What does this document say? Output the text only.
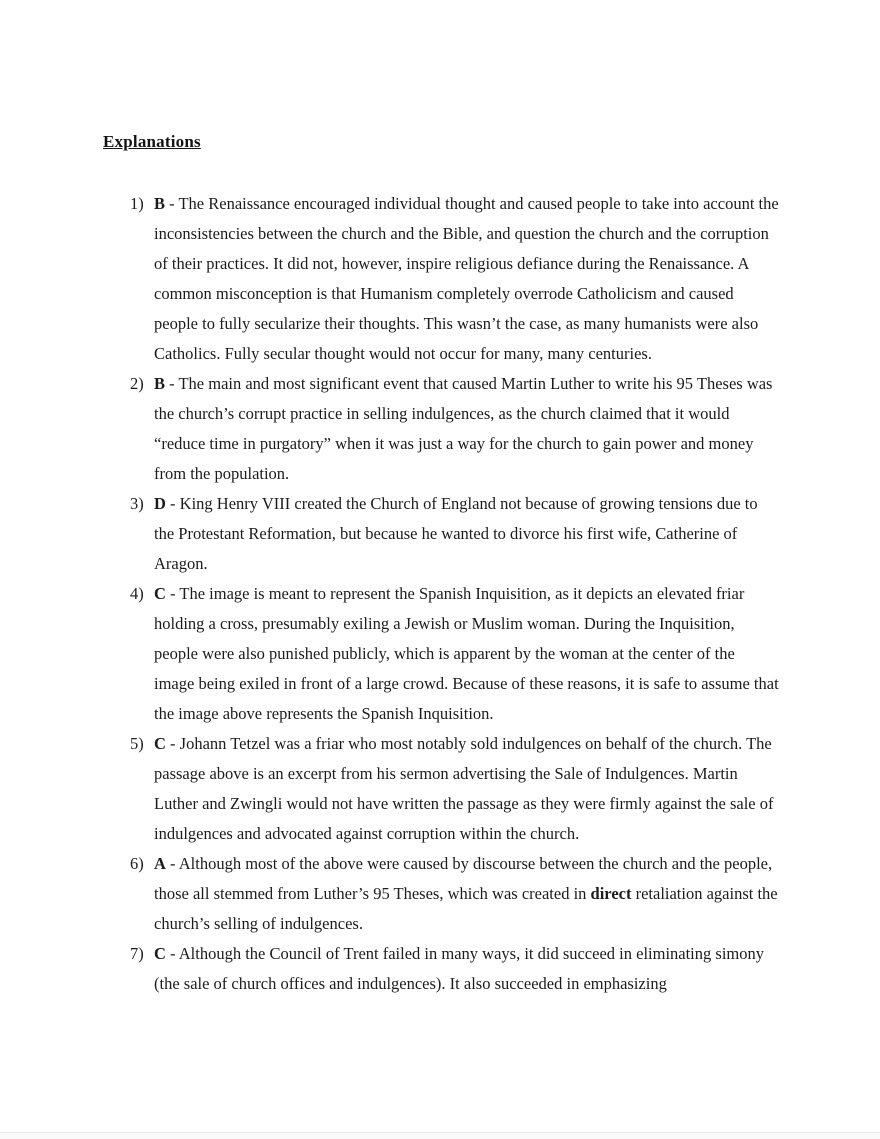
Explanations
1) B - The Renaissance encouraged individual thought and caused people to take into account the inconsistencies between the church and the Bible, and question the church and the corruption of their practices. It did not, however, inspire religious defiance during the Renaissance. A common misconception is that Humanism completely overrode Catholicism and caused people to fully secularize their thoughts. This wasn’t the case, as many humanists were also Catholics. Fully secular thought would not occur for many, many centuries.
2) B - The main and most significant event that caused Martin Luther to write his 95 Theses was the church’s corrupt practice in selling indulgences, as the church claimed that it would “reduce time in purgatory” when it was just a way for the church to gain power and money from the population.
3) D - King Henry VIII created the Church of England not because of growing tensions due to the Protestant Reformation, but because he wanted to divorce his first wife, Catherine of Aragon.
4) C - The image is meant to represent the Spanish Inquisition, as it depicts an elevated friar holding a cross, presumably exiling a Jewish or Muslim woman. During the Inquisition, people were also punished publicly, which is apparent by the woman at the center of the image being exiled in front of a large crowd. Because of these reasons, it is safe to assume that the image above represents the Spanish Inquisition.
5) C - Johann Tetzel was a friar who most notably sold indulgences on behalf of the church. The passage above is an excerpt from his sermon advertising the Sale of Indulgences. Martin Luther and Zwingli would not have written the passage as they were firmly against the sale of indulgences and advocated against corruption within the church.
6) A - Although most of the above were caused by discourse between the church and the people, those all stemmed from Luther’s 95 Theses, which was created in direct retaliation against the church’s selling of indulgences.
7) C - Although the Council of Trent failed in many ways, it did succeed in eliminating simony (the sale of church offices and indulgences). It also succeeded in emphasizing
